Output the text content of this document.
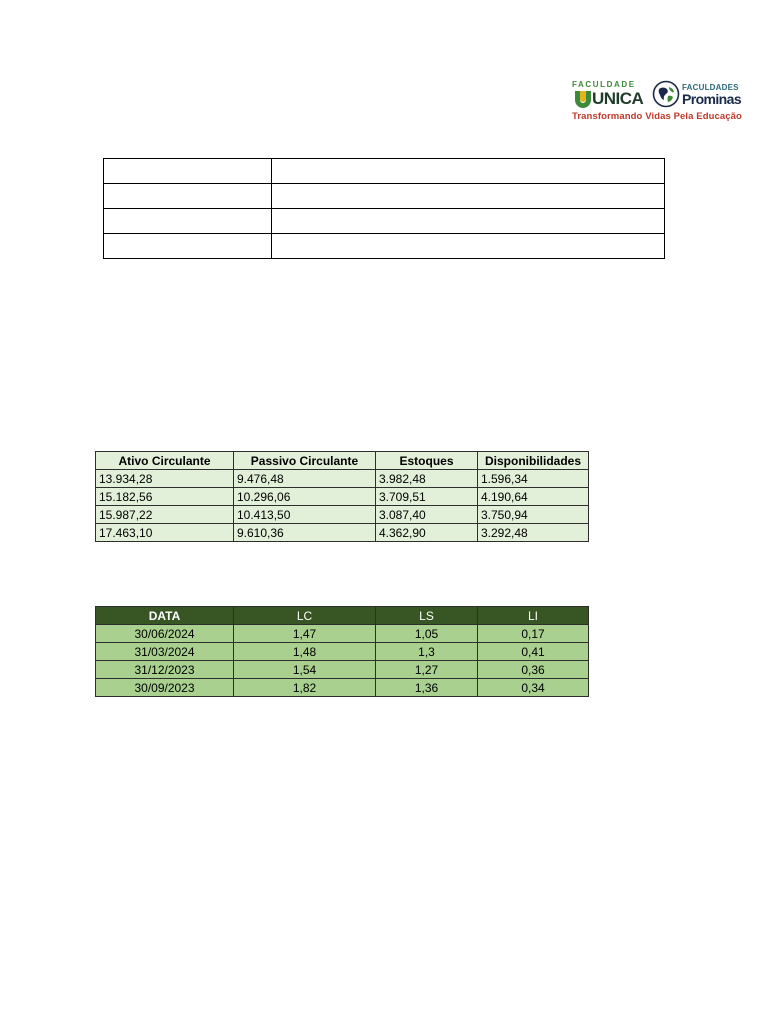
FACULDADE
UNICA
FACULDADES
Prominas
Transformando Vidas Pela Educação

Ativo Circulante	Passivo Circulante	Estoques	Disponibilidades
13.934,28	9.476,48	3.982,48	1.596,34
15.182,56	10.296,06	3.709,51	4.190,64
15.987,22	10.413,50	3.087,40	3.750,94
17.463,10	9.610,36	4.362,90	3.292,48
DATA	LC	LS	LI
30/06/2024	1,47	1,05	0,17
31/03/2024	1,48	1,3	0,41
31/12/2023	1,54	1,27	0,36
30/09/2023	1,82	1,36	0,34
